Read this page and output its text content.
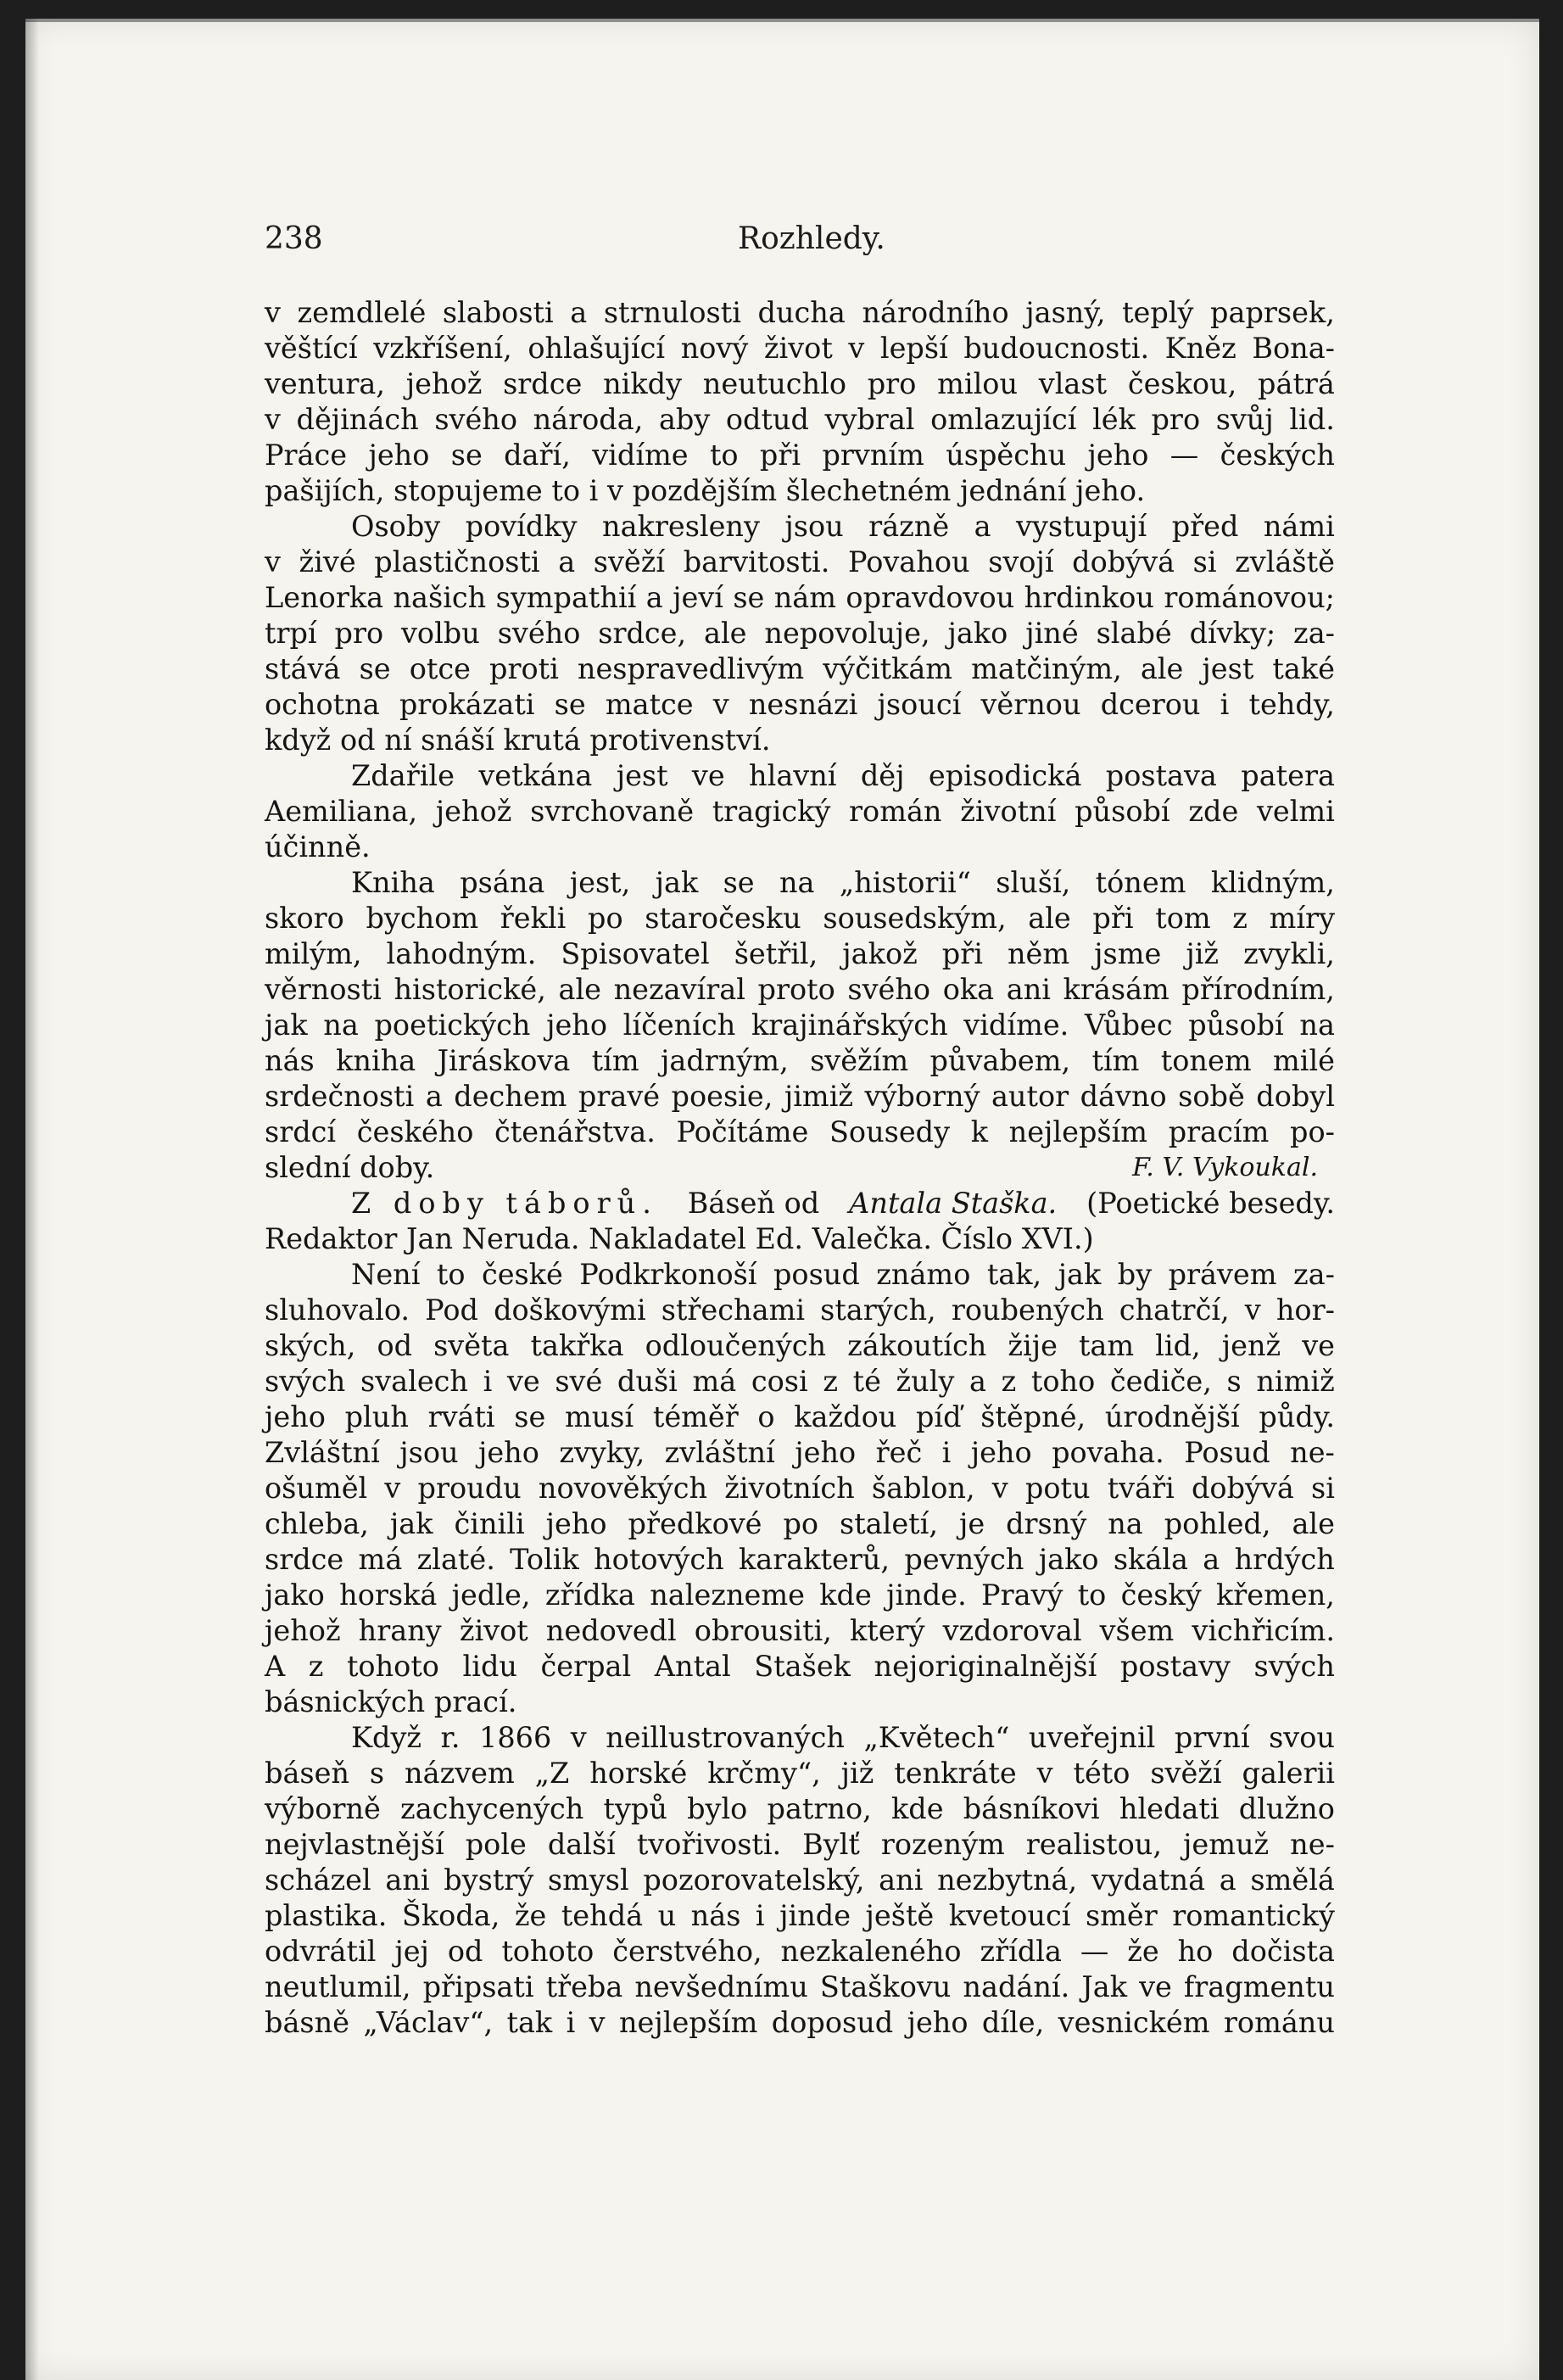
238	Rozhledy.
v zemdlelé slabosti a strnulosti ducha národního jasný, teplý paprsek,
věštící vzkříšení, ohlašující nový život v lepší budoucnosti. Kněz Bona-
ventura, jehož srdce nikdy neutuchlo pro milou vlast českou, pátrá
v dějinách svého národa, aby odtud vybral omlazující lék pro svůj lid.
Práce jeho se daří, vidíme to při prvním úspěchu jeho — českých
pašijích, stopujeme to i v pozdějším šlechetném jednání jeho.
Osoby povídky nakresleny jsou rázně a vystupují před námi
v živé plastičnosti a svěží barvitosti. Povahou svojí dobývá si zvláště
Lenorka našich sympathií a jeví se nám opravdovou hrdinkou románovou;
trpí pro volbu svého srdce, ale nepovoluje, jako jiné slabé dívky; za-
stává se otce proti nespravedlivým výčitkám matčiným, ale jest také
ochotna prokázati se matce v nesnázi jsoucí věrnou dcerou i tehdy,
když od ní snáší krutá protivenství.
Zdařile vetkána jest ve hlavní děj episodická postava patera
Aemiliana, jehož svrchovaně tragický román životní působí zde velmi
účinně.
Kniha psána jest, jak se na „historii“ sluší, tónem klidným,
skoro bychom řekli po staročesku sousedským, ale při tom z míry
milým, lahodným. Spisovatel šetřil, jakož při něm jsme již zvykli,
věrnosti historické, ale nezavíral proto svého oka ani krásám přírodním,
jak na poetických jeho líčeních krajinářských vidíme. Vůbec působí na
nás kniha Jiráskova tím jadrným, svěžím půvabem, tím tonem milé
srdečnosti a dechem pravé poesie, jimiž výborný autor dávno sobě dobyl
srdcí českého čtenářstva. Počítáme Sousedy k nejlepším pracím po-
slední doby.	F. V. Vykoukal.
Z doby táborů. Báseň od Antala Staška. (Poetické besedy.
Redaktor Jan Neruda. Nakladatel Ed. Valečka. Číslo XVI.)
Není to české Podkrkonoší posud známo tak, jak by právem za-
sluhovalo. Pod doškovými střechami starých, roubených chatrčí, v hor-
ských, od světa takřka odloučených zákoutích žije tam lid, jenž ve
svých svalech i ve své duši má cosi z té žuly a z toho čediče, s nimiž
jeho pluh rváti se musí téměř o každou píď štěpné, úrodnější půdy.
Zvláštní jsou jeho zvyky, zvláštní jeho řeč i jeho povaha. Posud ne-
ošuměl v proudu novověkých životních šablon, v potu tváři dobývá si
chleba, jak činili jeho předkové po staletí, je drsný na pohled, ale
srdce má zlaté. Tolik hotových karakterů, pevných jako skála a hrdých
jako horská jedle, zřídka nalezneme kde jinde. Pravý to český křemen,
jehož hrany život nedovedl obrousiti, který vzdoroval všem vichřicím.
A z tohoto lidu čerpal Antal Stašek nejoriginalnější postavy svých
básnických prací.
Když r. 1866 v neillustrovaných „Květech“ uveřejnil první svou
báseň s názvem „Z horské krčmy“, již tenkráte v této svěží galerii
výborně zachycených typů bylo patrno, kde básníkovi hledati dlužno
nejvlastnější pole další tvořivosti. Bylť rozeným realistou, jemuž ne-
scházel ani bystrý smysl pozorovatelský, ani nezbytná, vydatná a smělá
plastika. Škoda, že tehdá u nás i jinde ještě kvetoucí směr romantický
odvrátil jej od tohoto čerstvého, nezkaleného zřídla — že ho dočista
neutlumil, připsati třeba nevšednímu Staškovu nadání. Jak ve fragmentu
básně „Václav“, tak i v nejlepším doposud jeho díle, vesnickém románu
